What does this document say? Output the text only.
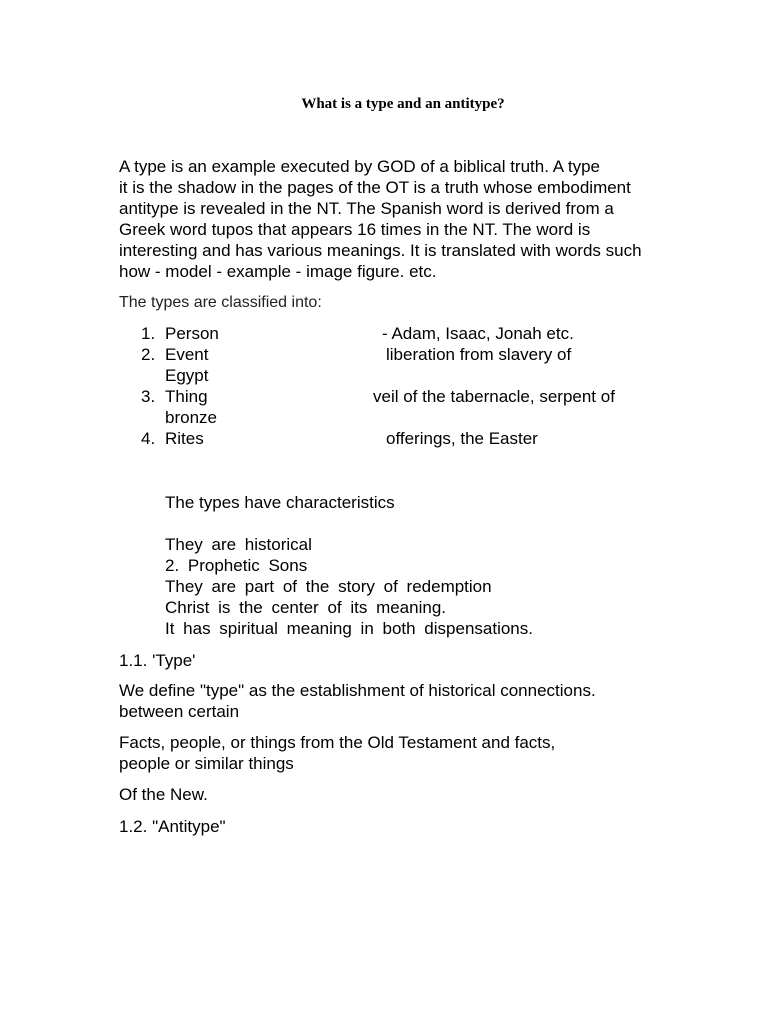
What is a type and an antitype?
A type is an example executed by GOD of a biblical truth. A type
it is the shadow in the pages of the OT is a truth whose embodiment
antitype is revealed in the NT. The Spanish word is derived from a
Greek word tupos that appears 16 times in the NT. The word is
interesting and has various meanings. It is translated with words such
how - model - example - image figure. etc.
The types are classified into:
1. Person	- Adam, Isaac, Jonah etc.
2. Event	liberation from slavery of
Egypt
3. Thing	veil of the tabernacle, serpent of
bronze
4. Rites	offerings, the Easter
The types have characteristics
They are historical
2. Prophetic Sons
They are part of the story of redemption
Christ is the center of its meaning.
It has spiritual meaning in both dispensations.
1.1. 'Type'
We define "type" as the establishment of historical connections.
between certain
Facts, people, or things from the Old Testament and facts,
people or similar things
Of the New.
1.2. "Antitype"
